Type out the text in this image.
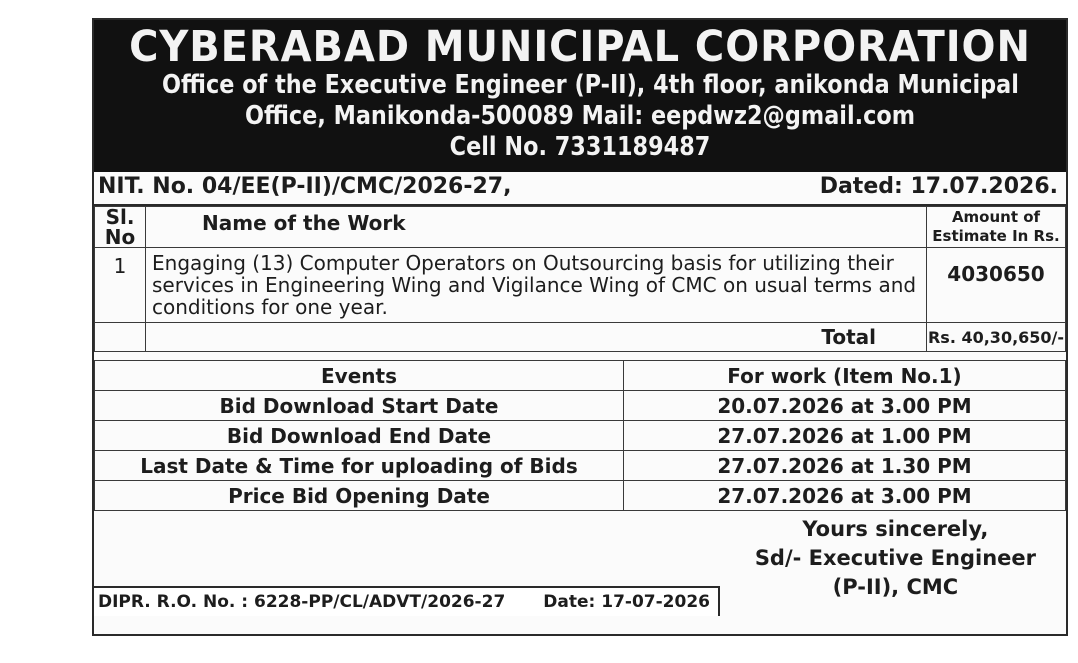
CYBERABAD MUNICIPAL CORPORATION
Office of the Executive Engineer (P-II), 4th floor, anikonda Municipal
Office, Manikonda-500089 Mail: eepdwz2@gmail.com
Cell No. 7331189487
NIT. No. 04/EE(P-II)/CMC/2026-27,	Dated: 17.07.2026.
Sl. No	Name of the Work	Amount of Estimate In Rs.
1	Engaging (13) Computer Operators on Outsourcing basis for utilizing their services in Engineering Wing and Vigilance Wing of CMC on usual terms and conditions for one year.	4030650
	Total	Rs. 40,30,650/-
Events	For work (Item No.1)
Bid Download Start Date	20.07.2026 at 3.00 PM
Bid Download End Date	27.07.2026 at 1.00 PM
Last Date & Time for uploading of Bids	27.07.2026 at 1.30 PM
Price Bid Opening Date	27.07.2026 at 3.00 PM
Yours sincerely,
Sd/- Executive Engineer
(P-II), CMC
DIPR. R.O. No. : 6228-PP/CL/ADVT/2026-27 Date: 17-07-2026
